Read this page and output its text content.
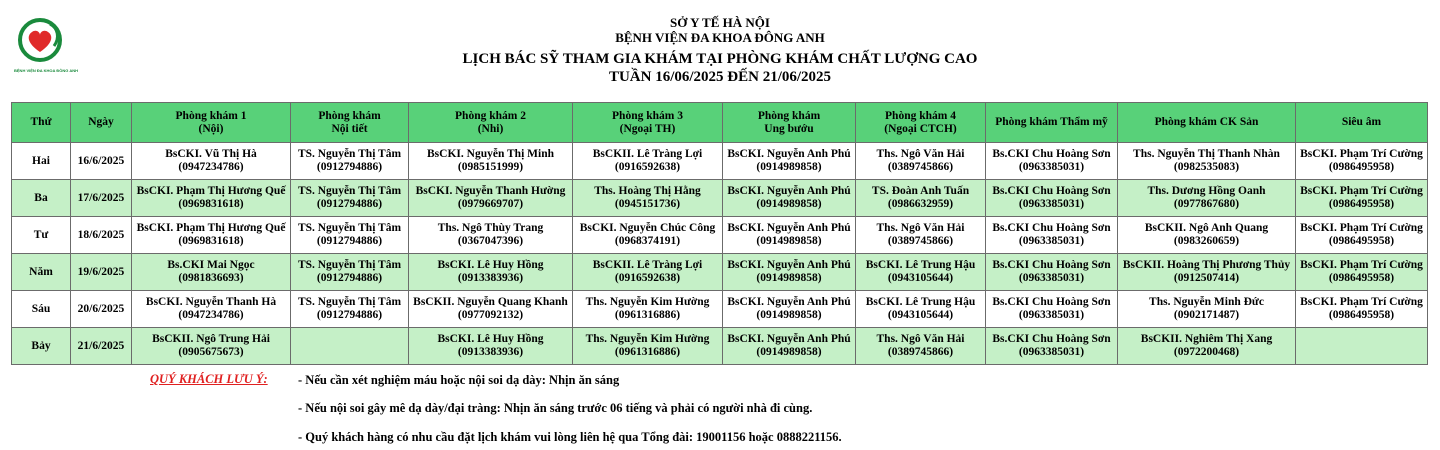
BỆNH VIỆN ĐA KHOA ĐÔNG ANH
SỞ Y TẾ HÀ NỘI
BỆNH VIỆN ĐA KHOA ĐÔNG ANH
LỊCH BÁC SỸ THAM GIA KHÁM TẠI PHÒNG KHÁM CHẤT LƯỢNG CAO
TUẦN 16/06/2025 ĐẾN 21/06/2025
Thứ	Ngày	Phòng khám 1
(Nội)	Phòng khám
Nội tiết	Phòng khám 2
(Nhi)	Phòng khám 3
(Ngoại TH)	Phòng khám
Ung bướu	Phòng khám 4
(Ngoại CTCH)	Phòng khám Thẩm mỹ	Phòng khám CK Sản	Siêu âm

Hai	16/6/2025	BsCKI. Vũ Thị Hà
(0947234786)	TS. Nguyễn Thị Tâm
(0912794886)	BsCKI. Nguyễn Thị Minh
(0985151999)	BsCKII. Lê Tràng Lợi
(0916592638)	BsCKI. Nguyễn Anh Phú
(0914989858)	Ths. Ngô Văn Hải
(0389745866)	Bs.CKI Chu Hoàng Sơn
(0963385031)	Ths. Nguyễn Thị Thanh Nhàn
(0982535083)	BsCKI. Phạm Trí Cường
(0986495958)

Ba	17/6/2025	BsCKI. Phạm Thị Hương Quế
(0969831618)	TS. Nguyễn Thị Tâm
(0912794886)	BsCKI. Nguyễn Thanh Hường
(0979669707)	Ths. Hoàng Thị Hằng
(0945151736)	BsCKI. Nguyễn Anh Phú
(0914989858)	TS. Đoàn Anh Tuấn
(0986632959)	Bs.CKI Chu Hoàng Sơn
(0963385031)	Ths. Dương Hồng Oanh
(0977867680)	BsCKI. Phạm Trí Cường
(0986495958)

Tư	18/6/2025	BsCKI. Phạm Thị Hương Quế
(0969831618)	TS. Nguyễn Thị Tâm
(0912794886)	Ths. Ngô Thùy Trang
(0367047396)	BsCKI. Nguyễn Chúc Công
(0968374191)	BsCKI. Nguyễn Anh Phú
(0914989858)	Ths. Ngô Văn Hải
(0389745866)	Bs.CKI Chu Hoàng Sơn
(0963385031)	BsCKII. Ngô Anh Quang
(0983260659)	BsCKI. Phạm Trí Cường
(0986495958)

Năm	19/6/2025	Bs.CKI Mai Ngọc
(0981836693)	TS. Nguyễn Thị Tâm
(0912794886)	BsCKI. Lê Huy Hồng
(0913383936)	BsCKII. Lê Tràng Lợi
(0916592638)	BsCKI. Nguyễn Anh Phú
(0914989858)	BsCKI. Lê Trung Hậu
(0943105644)	Bs.CKI Chu Hoàng Sơn
(0963385031)	BsCKII. Hoàng Thị Phương Thủy
(0912507414)	BsCKI. Phạm Trí Cường
(0986495958)

Sáu	20/6/2025	BsCKI. Nguyễn Thanh Hà
(0947234786)	TS. Nguyễn Thị Tâm
(0912794886)	BsCKII. Nguyễn Quang Khanh
(0977092132)	Ths. Nguyễn Kim Hường
(0961316886)	BsCKI. Nguyễn Anh Phú
(0914989858)	BsCKI. Lê Trung Hậu
(0943105644)	Bs.CKI Chu Hoàng Sơn
(0963385031)	Ths. Nguyễn Minh Đức
(0902171487)	BsCKI. Phạm Trí Cường
(0986495958)

Bảy	21/6/2025	BsCKII. Ngô Trung Hải
(0905675673)		BsCKI. Lê Huy Hồng
(0913383936)	Ths. Nguyễn Kim Hường
(0961316886)	BsCKI. Nguyễn Anh Phú
(0914989858)	Ths. Ngô Văn Hải
(0389745866)	Bs.CKI Chu Hoàng Sơn
(0963385031)	BsCKII. Nghiêm Thị Xang
(0972200468)	

QUÝ KHÁCH LƯU Ý: - Nếu cần xét nghiệm máu hoặc nội soi dạ dày: Nhịn ăn sáng
- Nếu nội soi gây mê dạ dày/đại tràng: Nhịn ăn sáng trước 06 tiếng và phải có người nhà đi cùng.
- Quý khách hàng có nhu cầu đặt lịch khám vui lòng liên hệ qua Tổng đài: 19001156 hoặc 0888221156.
